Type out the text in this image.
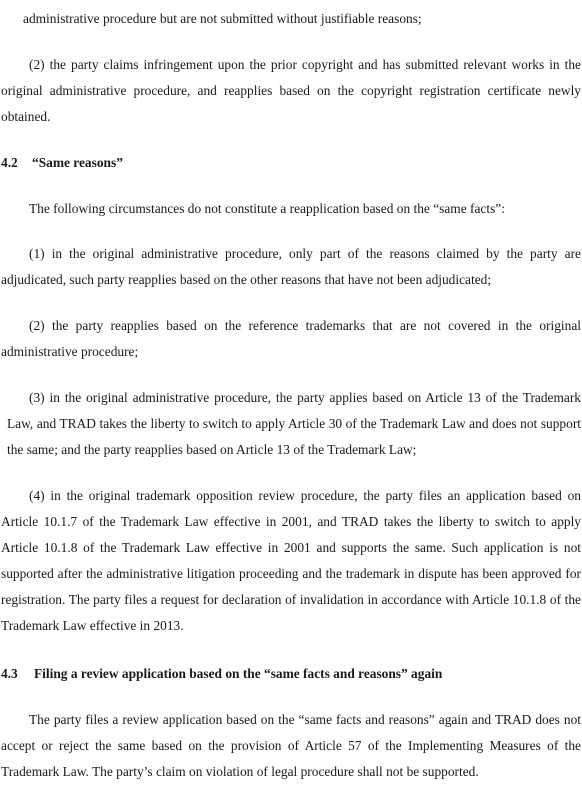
administrative procedure but are not submitted without justifiable reasons;

(2) the party claims infringement upon the prior copyright and has submitted relevant works in the original administrative procedure, and reapplies based on the copyright registration certificate newly obtained.

4.2 “Same reasons”

The following circumstances do not constitute a reapplication based on the “same facts”:

(1) in the original administrative procedure, only part of the reasons claimed by the party are adjudicated, such party reapplies based on the other reasons that have not been adjudicated;

(2) the party reapplies based on the reference trademarks that are not covered in the original administrative procedure;

(3) in the original administrative procedure, the party applies based on Article 13 of the Trademark Law, and TRAD takes the liberty to switch to apply Article 30 of the Trademark Law and does not support the same; and the party reapplies based on Article 13 of the Trademark Law;

(4) in the original trademark opposition review procedure, the party files an application based on Article 10.1.7 of the Trademark Law effective in 2001, and TRAD takes the liberty to switch to apply Article 10.1.8 of the Trademark Law effective in 2001 and supports the same. Such application is not supported after the administrative litigation proceeding and the trademark in dispute has been approved for registration. The party files a request for declaration of invalidation in accordance with Article 10.1.8 of the Trademark Law effective in 2013.

4.3 Filing a review application based on the “same facts and reasons” again

The party files a review application based on the “same facts and reasons” again and TRAD does not accept or reject the same based on the provision of Article 57 of the Implementing Measures of the Trademark Law. The party’s claim on violation of legal procedure shall not be supported.
